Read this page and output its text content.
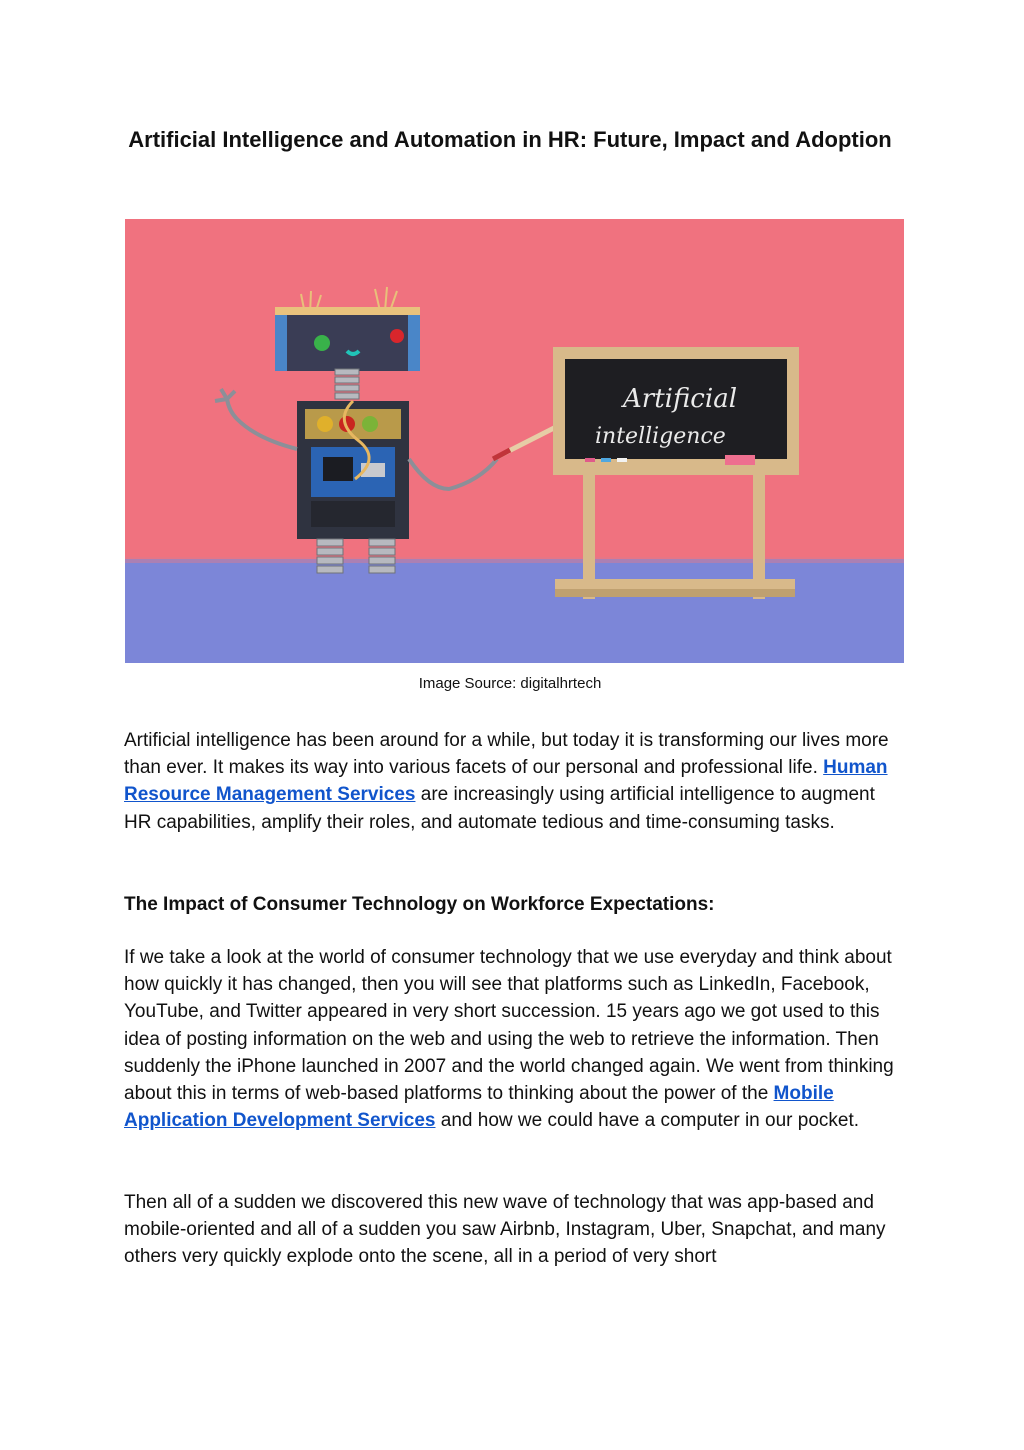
Artificial Intelligence and Automation in HR: Future, Impact and Adoption
Artificial
intelligence
Image Source: digitalhrtech

Artificial intelligence has been around for a while, but today it is transforming our lives more than ever. It makes its way into various facets of our personal and professional life. Human Resource Management Services are increasingly using artificial intelligence to augment HR capabilities, amplify their roles, and automate tedious and time-consuming tasks.

The Impact of Consumer Technology on Workforce Expectations:

If we take a look at the world of consumer technology that we use everyday and think about how quickly it has changed, then you will see that platforms such as LinkedIn, Facebook, YouTube, and Twitter appeared in very short succession. 15 years ago we got used to this idea of posting information on the web and using the web to retrieve the information. Then suddenly the iPhone launched in 2007 and the world changed again. We went from thinking about this in terms of web-based platforms to thinking about the power of the Mobile Application Development Services and how we could have a computer in our pocket.

Then all of a sudden we discovered this new wave of technology that was app-based and mobile-oriented and all of a sudden you saw Airbnb, Instagram, Uber, Snapchat, and many others very quickly explode onto the scene, all in a period of very short
